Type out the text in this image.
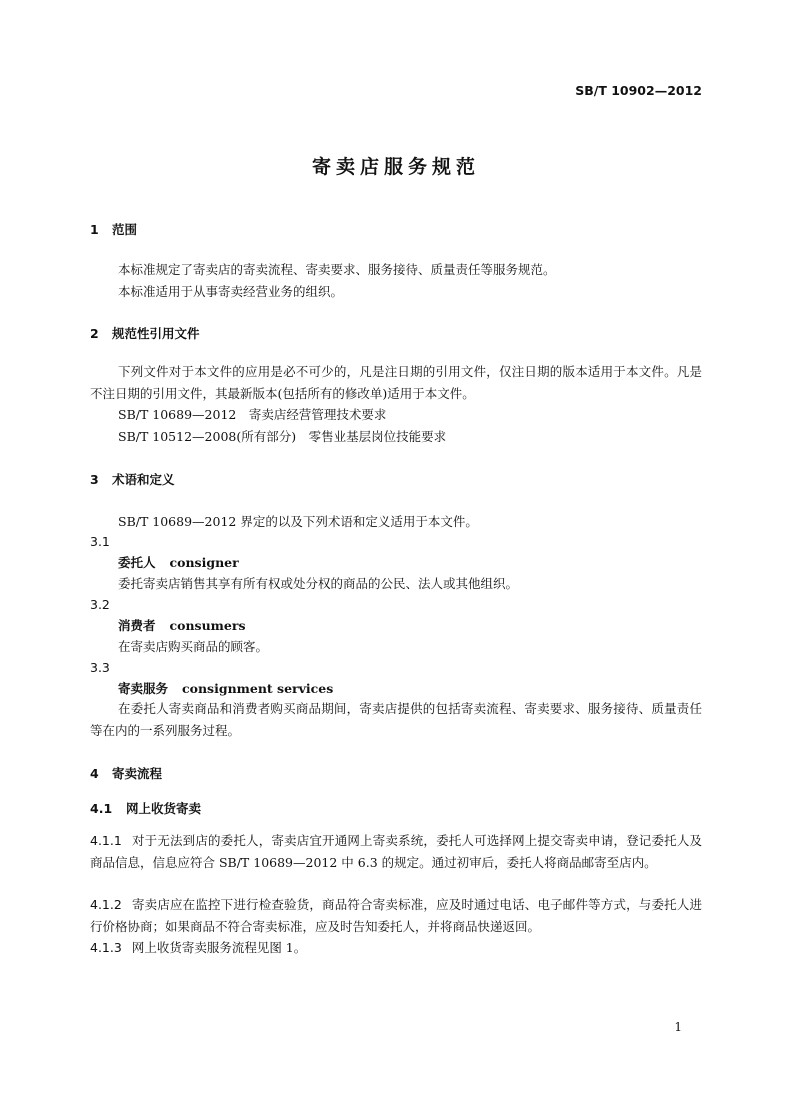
SB/T 10902—2012
寄卖店服务规范
1 范围
本标准规定了寄卖店的寄卖流程、寄卖要求、服务接待、质量责任等服务规范。
本标准适用于从事寄卖经营业务的组织。
2 规范性引用文件
下列文件对于本文件的应用是必不可少的，凡是注日期的引用文件，仅注日期的版本适用于本文件。凡是不注日期的引用文件，其最新版本(包括所有的修改单)适用于本文件。
SB/T 10689—2012　寄卖店经营管理技术要求
SB/T 10512—2008(所有部分)　零售业基层岗位技能要求
3 术语和定义
SB/T 10689—2012 界定的以及下列术语和定义适用于本文件。
3.1
委托人 consigner
委托寄卖店销售其享有所有权或处分权的商品的公民、法人或其他组织。
3.2
消费者 consumers
在寄卖店购买商品的顾客。
3.3
寄卖服务 consignment services
在委托人寄卖商品和消费者购买商品期间，寄卖店提供的包括寄卖流程、寄卖要求、服务接待、质量责任等在内的一系列服务过程。
4 寄卖流程
4.1 网上收货寄卖
4.1.1 对于无法到店的委托人，寄卖店宜开通网上寄卖系统，委托人可选择网上提交寄卖申请，登记委托人及商品信息，信息应符合 SB/T 10689—2012 中 6.3 的规定。通过初审后，委托人将商品邮寄至店内。
4.1.2 寄卖店应在监控下进行检查验货，商品符合寄卖标准，应及时通过电话、电子邮件等方式，与委托人进行价格协商；如果商品不符合寄卖标准，应及时告知委托人，并将商品快递返回。
4.1.3 网上收货寄卖服务流程见图 1。
1
